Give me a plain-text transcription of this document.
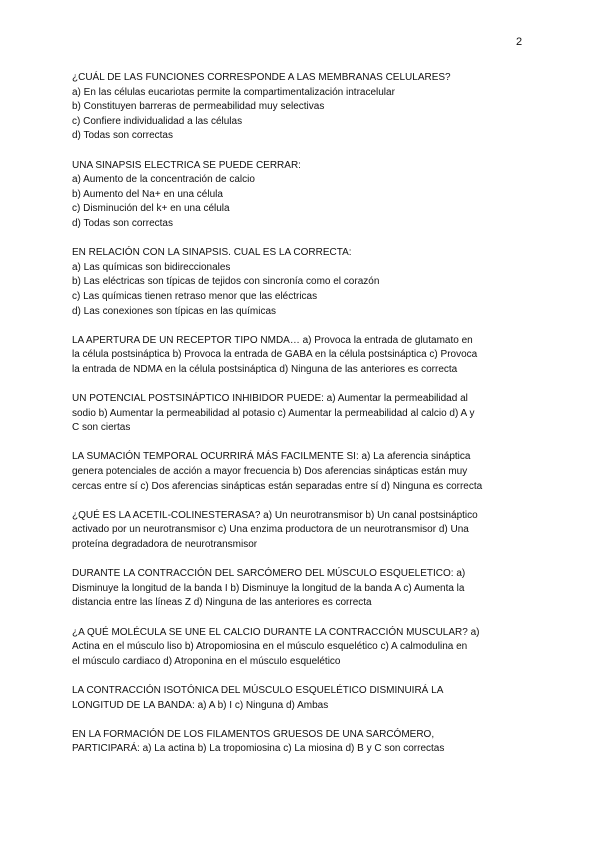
2
¿CUÁL DE LAS FUNCIONES CORRESPONDE A LAS MEMBRANAS CELULARES?
a) En las células eucariotas permite la compartimentalización intracelular
b) Constituyen barreras de permeabilidad muy selectivas
c) Confiere individualidad a las células
d) Todas son correctas
UNA SINAPSIS ELECTRICA SE PUEDE CERRAR:
a) Aumento de la concentración de calcio
b) Aumento del Na+ en una célula
c) Disminución del k+ en una célula
d) Todas son correctas
EN RELACIÓN CON LA SINAPSIS. CUAL ES LA CORRECTA:
a) Las químicas son bidireccionales
b) Las eléctricas son típicas de tejidos con sincronía como el corazón
c) Las químicas tienen retraso menor que las eléctricas
d) Las conexiones son típicas en las químicas
LA APERTURA DE UN RECEPTOR TIPO NMDA… a) Provoca la entrada de glutamato en
la célula postsináptica b) Provoca la entrada de GABA en la célula postsináptica c) Provoca
la entrada de NDMA en la célula postsináptica d) Ninguna de las anteriores es correcta
UN POTENCIAL POSTSINÁPTICO INHIBIDOR PUEDE: a) Aumentar la permeabilidad al
sodio b) Aumentar la permeabilidad al potasio c) Aumentar la permeabilidad al calcio d) A y
C son ciertas
LA SUMACIÓN TEMPORAL OCURRIRÁ MÁS FACILMENTE SI: a) La aferencia sináptica
genera potenciales de acción a mayor frecuencia b) Dos aferencias sinápticas están muy
cercas entre sí c) Dos aferencias sinápticas están separadas entre sí d) Ninguna es correcta
¿QUÉ ES LA ACETIL-COLINESTERASA? a) Un neurotransmisor b) Un canal postsináptico
activado por un neurotransmisor c) Una enzima productora de un neurotransmisor d) Una
proteína degradadora de neurotransmisor
DURANTE LA CONTRACCIÓN DEL SARCÓMERO DEL MÚSCULO ESQUELETICO: a)
Disminuye la longitud de la banda I b) Disminuye la longitud de la banda A c) Aumenta la
distancia entre las líneas Z d) Ninguna de las anteriores es correcta
¿A QUÉ MOLÉCULA SE UNE EL CALCIO DURANTE LA CONTRACCIÓN MUSCULAR? a)
Actina en el músculo liso b) Atropomiosina en el músculo esquelético c) A calmodulina en
el músculo cardiaco d) Atroponina en el músculo esquelético
LA CONTRACCIÓN ISOTÓNICA DEL MÚSCULO ESQUELÉTICO DISMINUIRÁ LA
LONGITUD DE LA BANDA: a) A b) I c) Ninguna d) Ambas
EN LA FORMACIÓN DE LOS FILAMENTOS GRUESOS DE UNA SARCÓMERO,
PARTICIPARÁ: a) La actina b) La tropomiosina c) La miosina d) B y C son correctas
